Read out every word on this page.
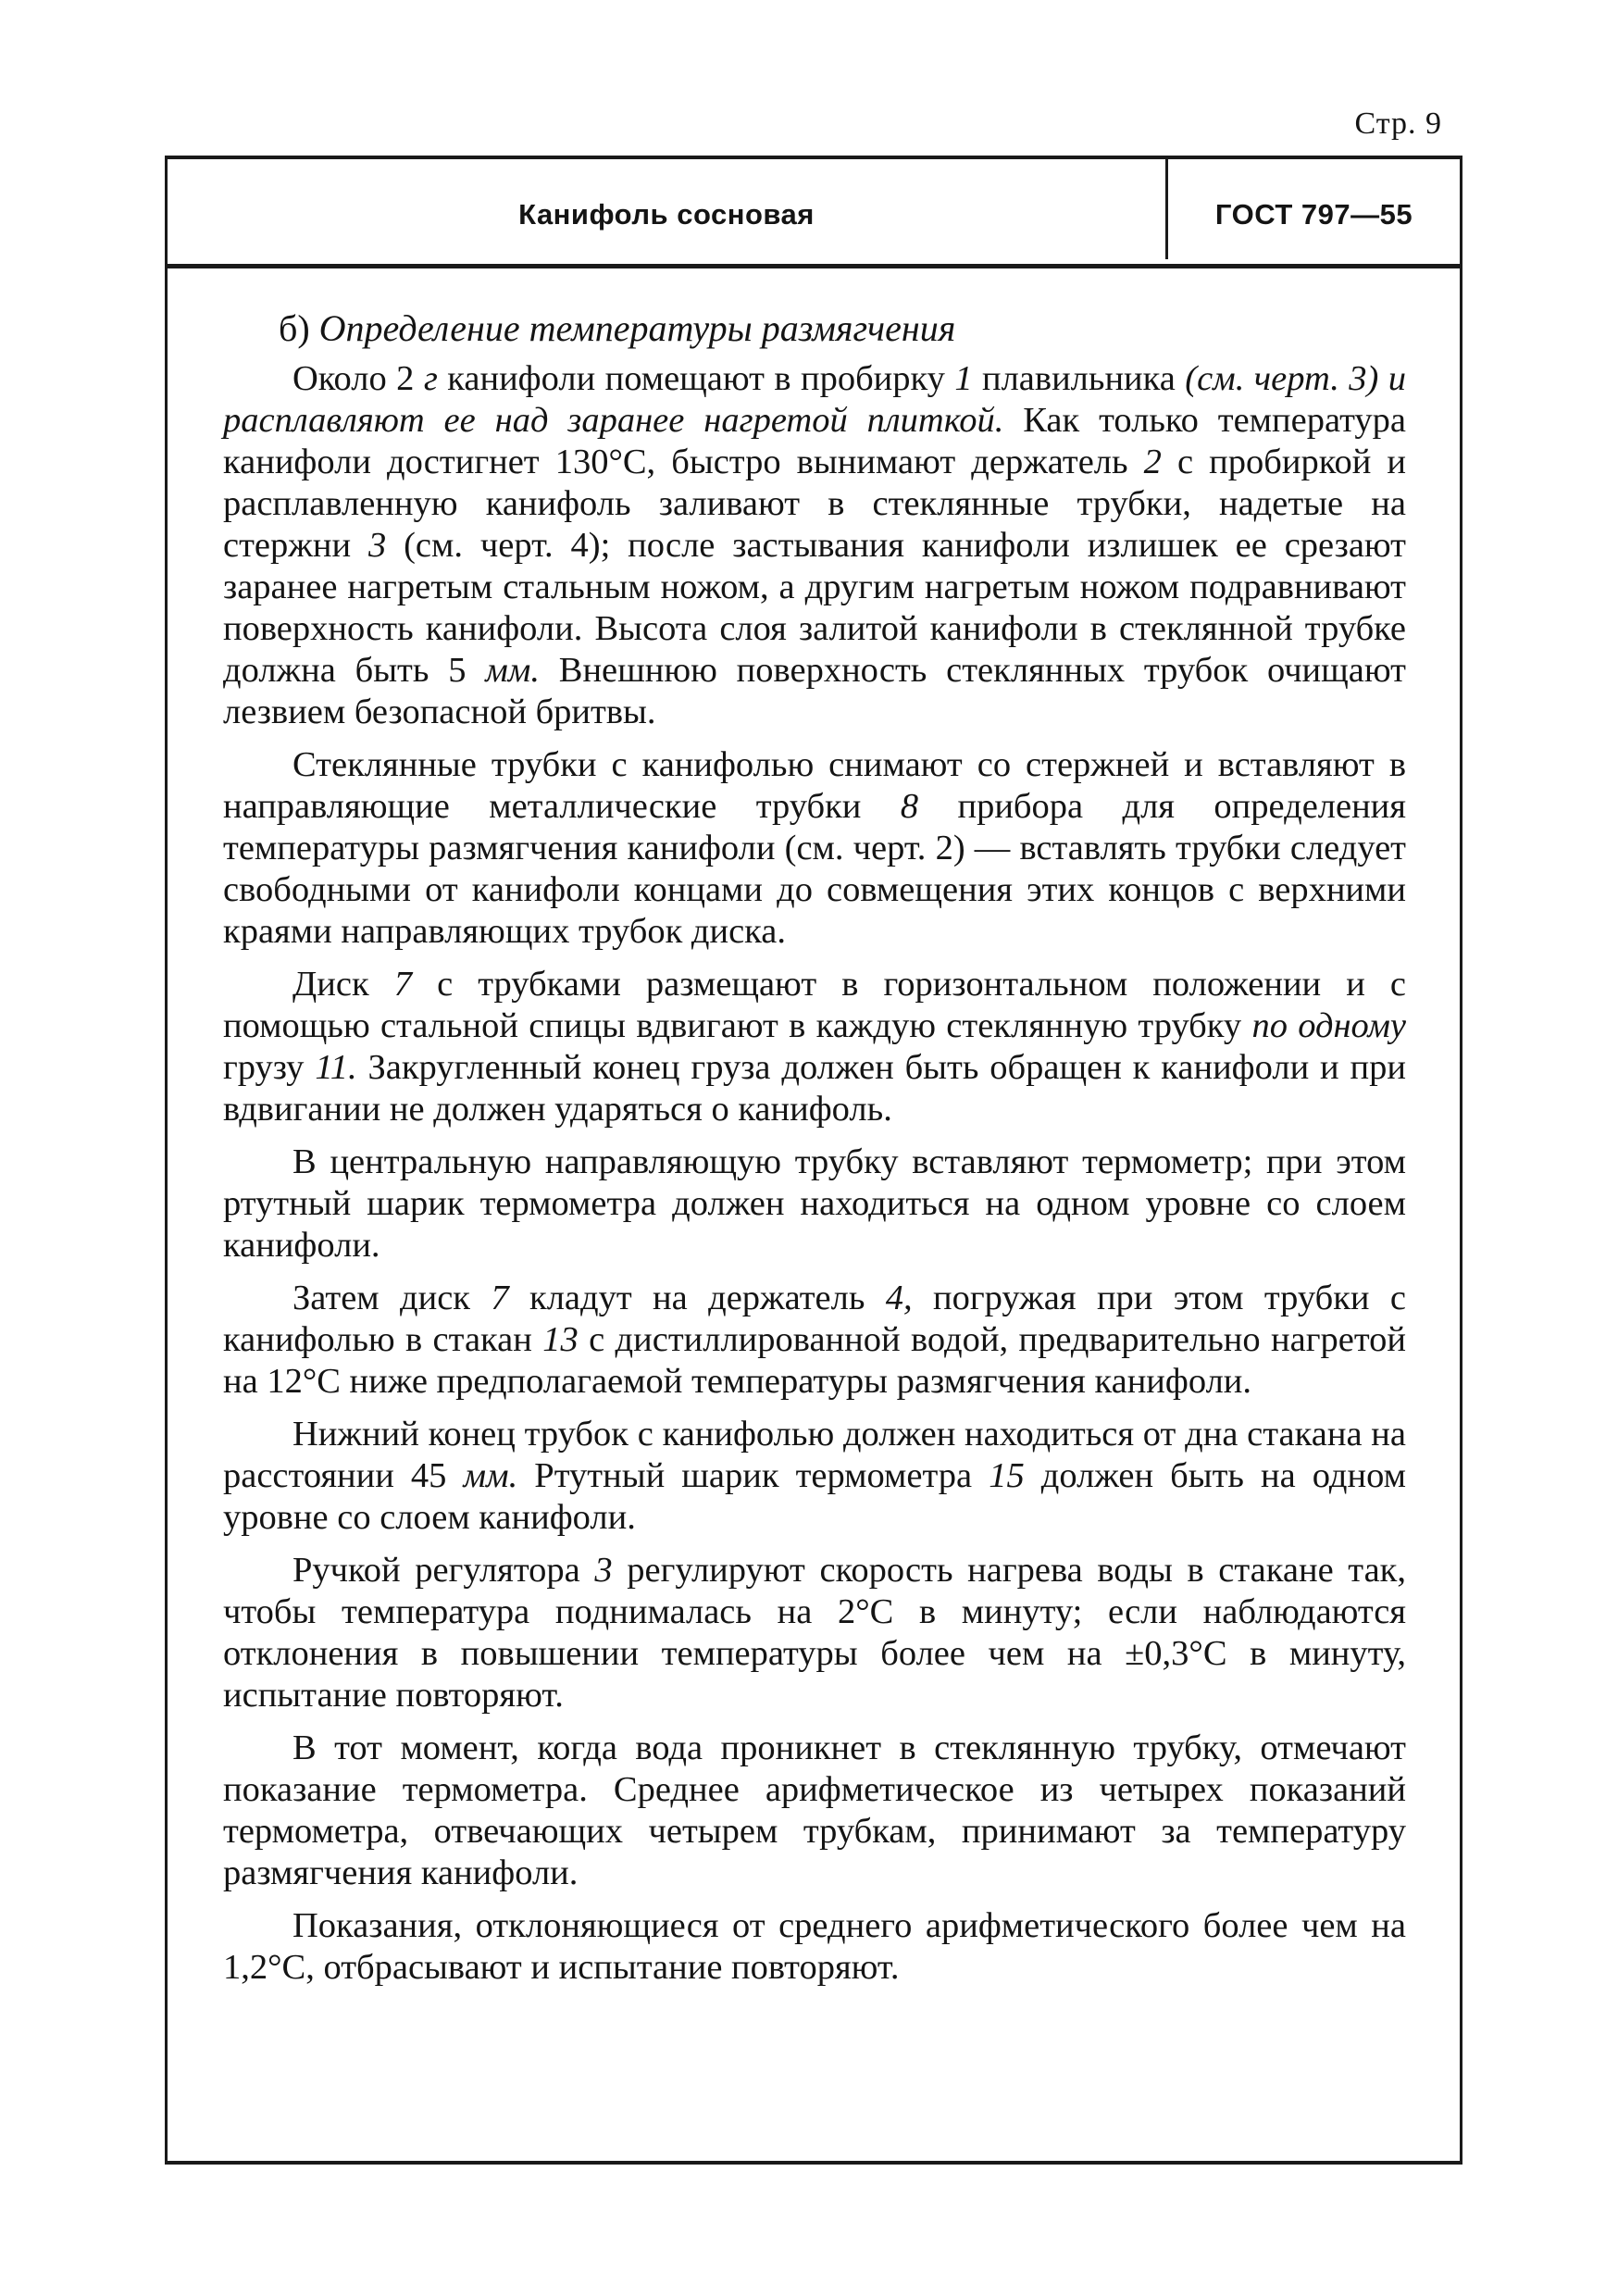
Стр. 9
Канифоль сосновая	ГОСТ 797—55

б) Определение температуры размягчения

Около 2 г канифоли помещают в пробирку 1 плавильника (см. черт. 3) и расплавляют ее над заранее нагретой плиткой. Как только температура канифоли достигнет 130°С, быстро вынимают держатель 2 с пробиркой и расплавленную канифоль заливают в стеклянные трубки, надетые на стержни 3 (см. черт. 4); после застывания канифоли излишек ее срезают заранее нагретым стальным ножом, а другим нагретым ножом подравнивают поверхность канифоли. Высота слоя залитой канифоли в стеклянной трубке должна быть 5 мм. Внешнюю поверхность стеклянных трубок очищают лезвием безопасной бритвы.

Стеклянные трубки с канифолью снимают со стержней и вставляют в направляющие металлические трубки 8 прибора для определения температуры размягчения канифоли (см. черт. 2) — вставлять трубки следует свободными от канифоли концами до совмещения этих концов с верхними краями направляющих трубок диска.

Диск 7 с трубками размещают в горизонтальном положении и с помощью стальной спицы вдвигают в каждую стеклянную трубку по одному грузу 11. Закругленный конец груза должен быть обращен к канифоли и при вдвигании не должен ударяться о канифоль.

В центральную направляющую трубку вставляют термометр; при этом ртутный шарик термометра должен находиться на одном уровне со слоем канифоли.

Затем диск 7 кладут на держатель 4, погружая при этом трубки с канифолью в стакан 13 с дистиллированной водой, предварительно нагретой на 12°С ниже предполагаемой температуры размягчения канифоли.

Нижний конец трубок с канифолью должен находиться от дна стакана на расстоянии 45 мм. Ртутный шарик термометра 15 должен быть на одном уровне со слоем канифоли.

Ручкой регулятора 3 регулируют скорость нагрева воды в стакане так, чтобы температура поднималась на 2°С в минуту; если наблюдаются отклонения в повышении температуры более чем на ±0,3°С в минуту, испытание повторяют.

В тот момент, когда вода проникнет в стеклянную трубку, отмечают показание термометра. Среднее арифметическое из четырех показаний термометра, отвечающих четырем трубкам, принимают за температуру размягчения канифоли.

Показания, отклоняющиеся от среднего арифметического более чем на 1,2°С, отбрасывают и испытание повторяют.
